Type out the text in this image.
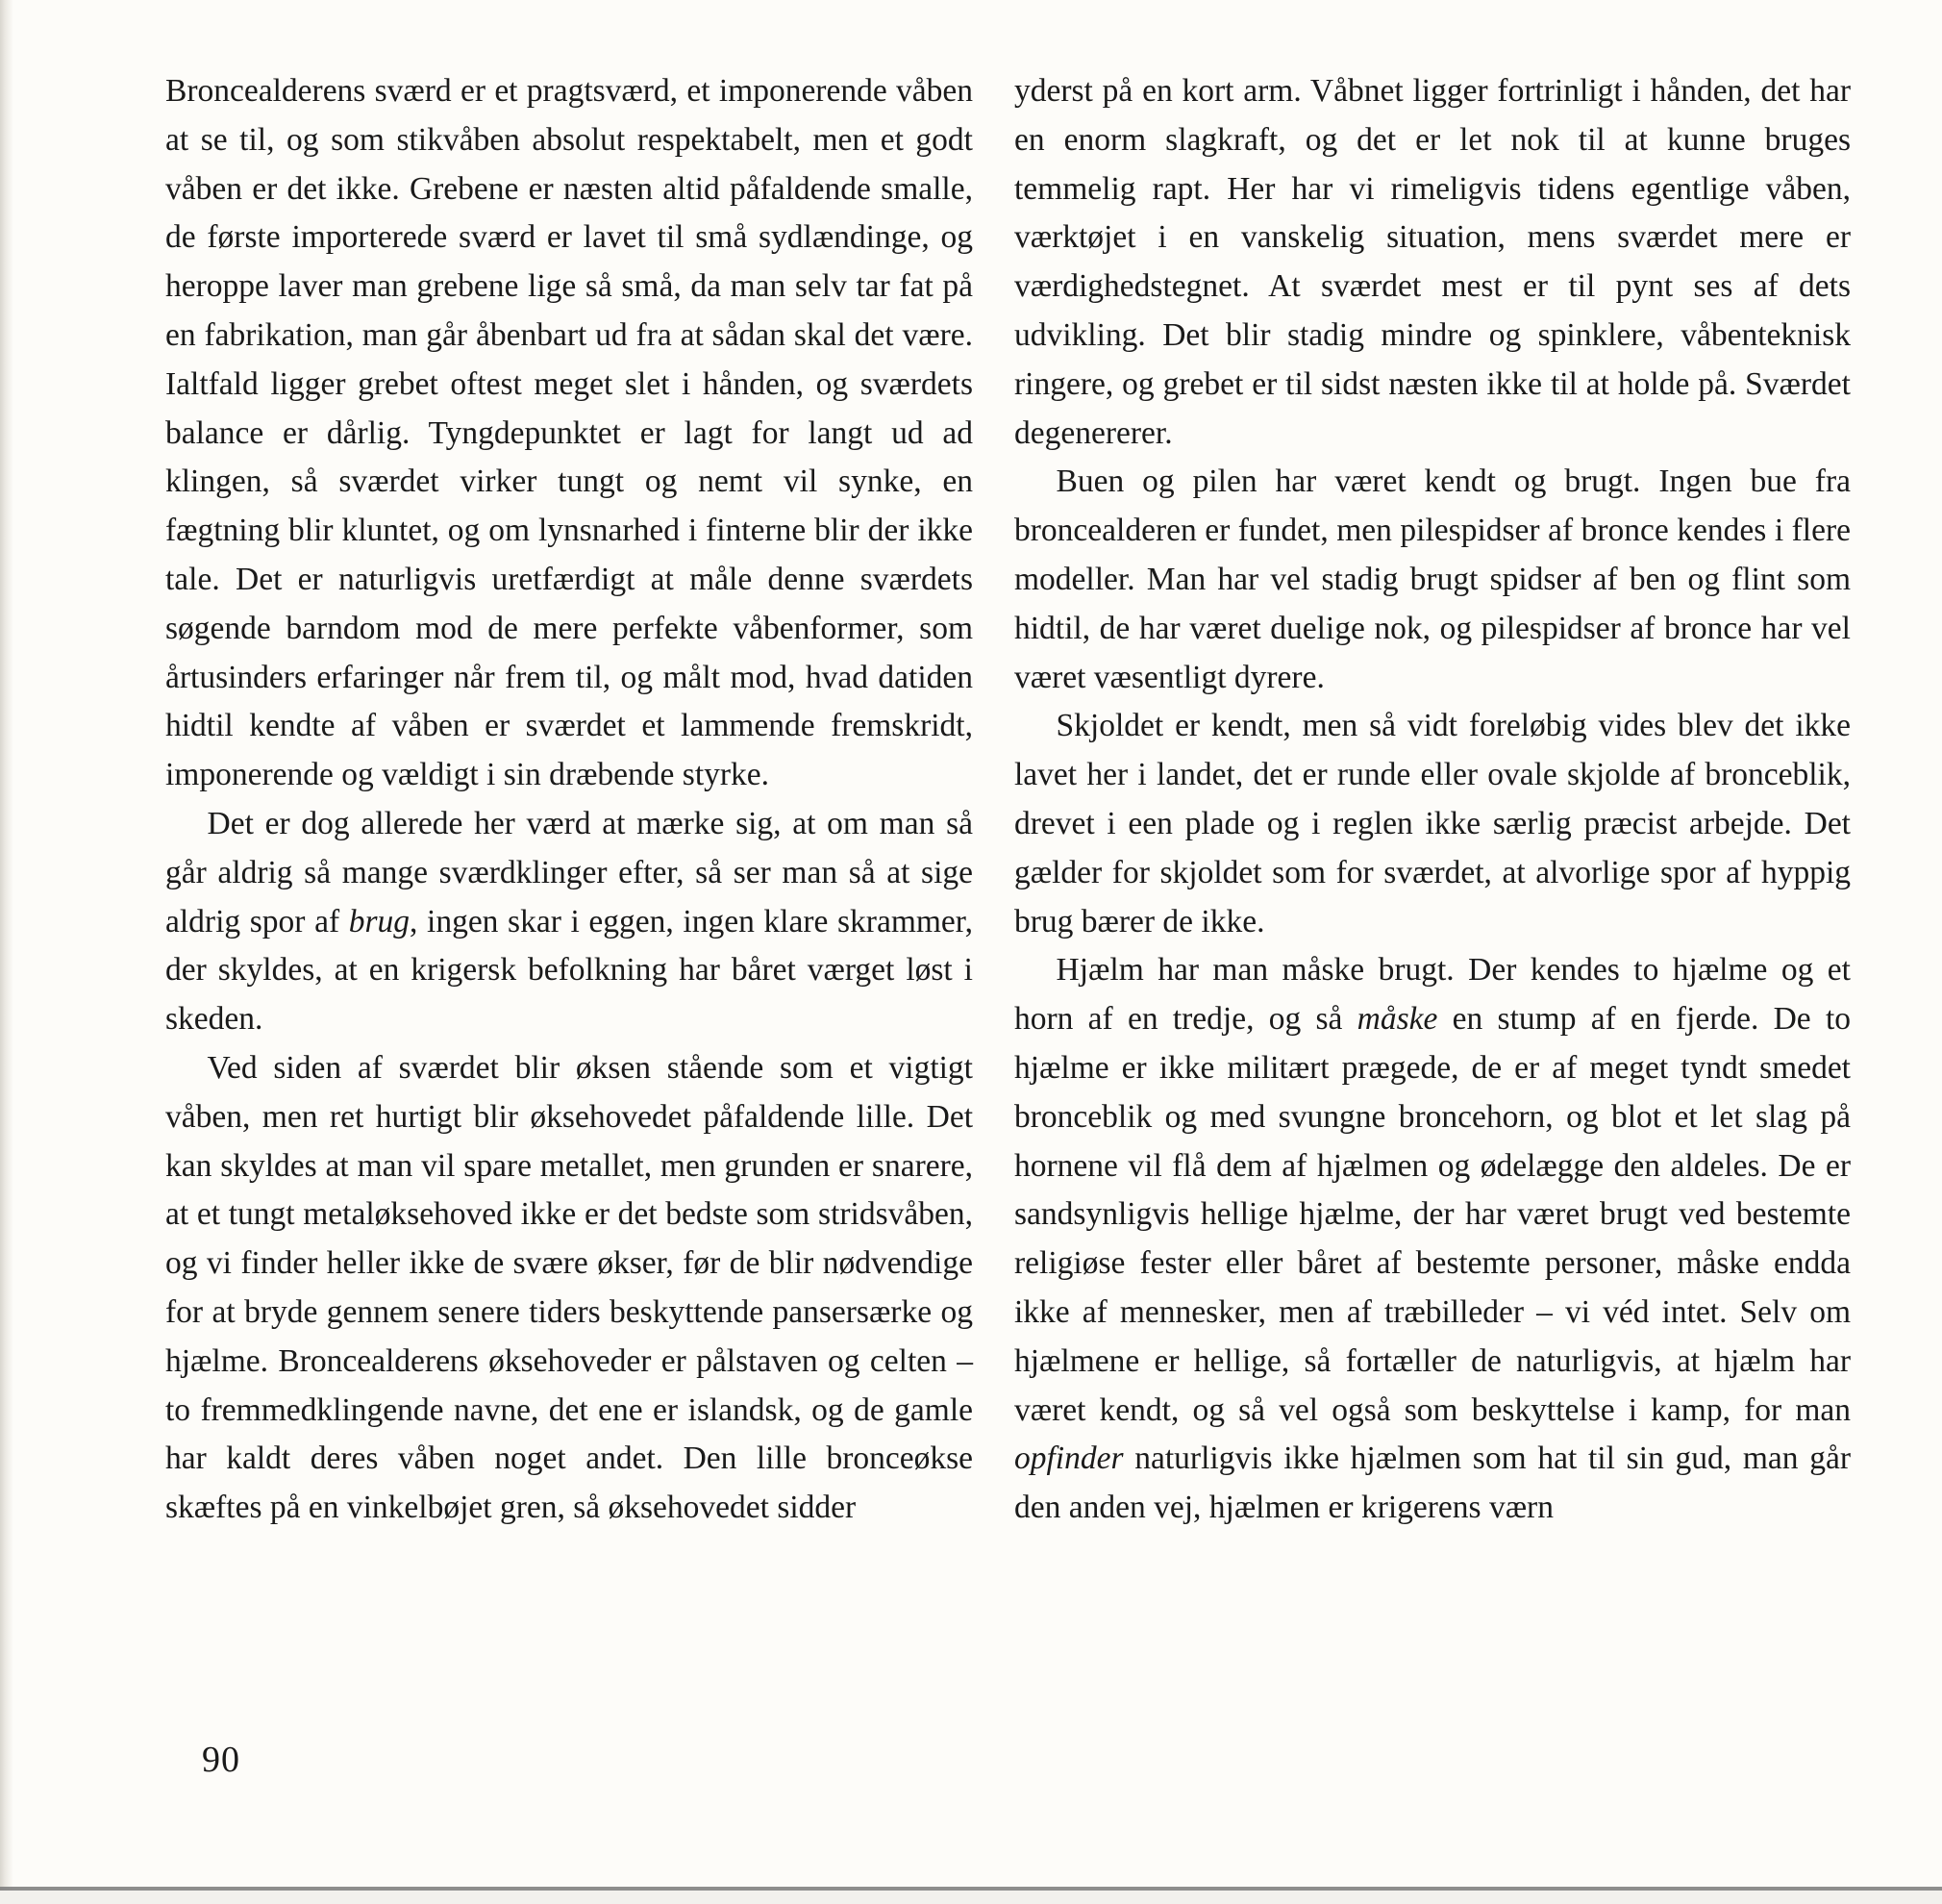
Broncealderens sværd er et pragtsværd, et imponerende våben at se til, og som stikvåben absolut respektabelt, men et godt våben er det ikke. Grebene er næsten altid påfaldende smalle, de første importerede sværd er lavet til små sydlændinge, og heroppe laver man grebene lige så små, da man selv tar fat på en fabrikation, man går åbenbart ud fra at sådan skal det være. Ialtfald ligger grebet oftest meget slet i hånden, og sværdets balance er dårlig. Tyngdepunktet er lagt for langt ud ad klingen, så sværdet virker tungt og nemt vil synke, en fægtning blir kluntet, og om lynsnarhed i finterne blir der ikke tale. Det er naturligvis uretfærdigt at måle denne sværdets søgende barndom mod de mere perfekte våbenformer, som årtusinders erfaringer når frem til, og målt mod, hvad datiden hidtil kendte af våben er sværdet et lammende fremskridt, imponerende og vældigt i sin dræbende styrke.

Det er dog allerede her værd at mærke sig, at om man så går aldrig så mange sværdklinger efter, så ser man så at sige aldrig spor af brug, ingen skar i eggen, ingen klare skrammer, der skyldes, at en krigersk befolkning har båret værget løst i skeden.

Ved siden af sværdet blir øksen stående som et vigtigt våben, men ret hurtigt blir øksehovedet påfaldende lille. Det kan skyldes at man vil spare metallet, men grunden er snarere, at et tungt metaløksehoved ikke er det bedste som stridsvåben, og vi finder heller ikke de svære økser, før de blir nødvendige for at bryde gennem senere tiders beskyttende pansersærke og hjælme. Broncealderens øksehoveder er pålstaven og celten – to fremmedklingende navne, det ene er islandsk, og de gamle har kaldt deres våben noget andet. Den lille bronceøkse skæftes på en vinkelbøjet gren, så øksehovedet sidder

yderst på en kort arm. Våbnet ligger fortrinligt i hånden, det har en enorm slagkraft, og det er let nok til at kunne bruges temmelig rapt. Her har vi rimeligvis tidens egentlige våben, værktøjet i en vanskelig situation, mens sværdet mere er værdighedstegnet. At sværdet mest er til pynt ses af dets udvikling. Det blir stadig mindre og spinklere, våbenteknisk ringere, og grebet er til sidst næsten ikke til at holde på. Sværdet degenererer.

Buen og pilen har været kendt og brugt. Ingen bue fra broncealderen er fundet, men pilespidser af bronce kendes i flere modeller. Man har vel stadig brugt spidser af ben og flint som hidtil, de har været duelige nok, og pilespidser af bronce har vel været væsentligt dyrere.

Skjoldet er kendt, men så vidt foreløbig vides blev det ikke lavet her i landet, det er runde eller ovale skjolde af bronceblik, drevet i een plade og i reglen ikke særlig præcist arbejde. Det gælder for skjoldet som for sværdet, at alvorlige spor af hyppig brug bærer de ikke.

Hjælm har man måske brugt. Der kendes to hjælme og et horn af en tredje, og så måske en stump af en fjerde. De to hjælme er ikke militært prægede, de er af meget tyndt smedet bronceblik og med svungne broncehorn, og blot et let slag på hornene vil flå dem af hjælmen og ødelægge den aldeles. De er sandsynligvis hellige hjælme, der har været brugt ved bestemte religiøse fester eller båret af bestemte personer, måske endda ikke af mennesker, men af træbilleder – vi véd intet. Selv om hjælmene er hellige, så fortæller de naturligvis, at hjælm har været kendt, og så vel også som beskyttelse i kamp, for man opfinder naturligvis ikke hjælmen som hat til sin gud, man går den anden vej, hjælmen er krigerens værn

90
